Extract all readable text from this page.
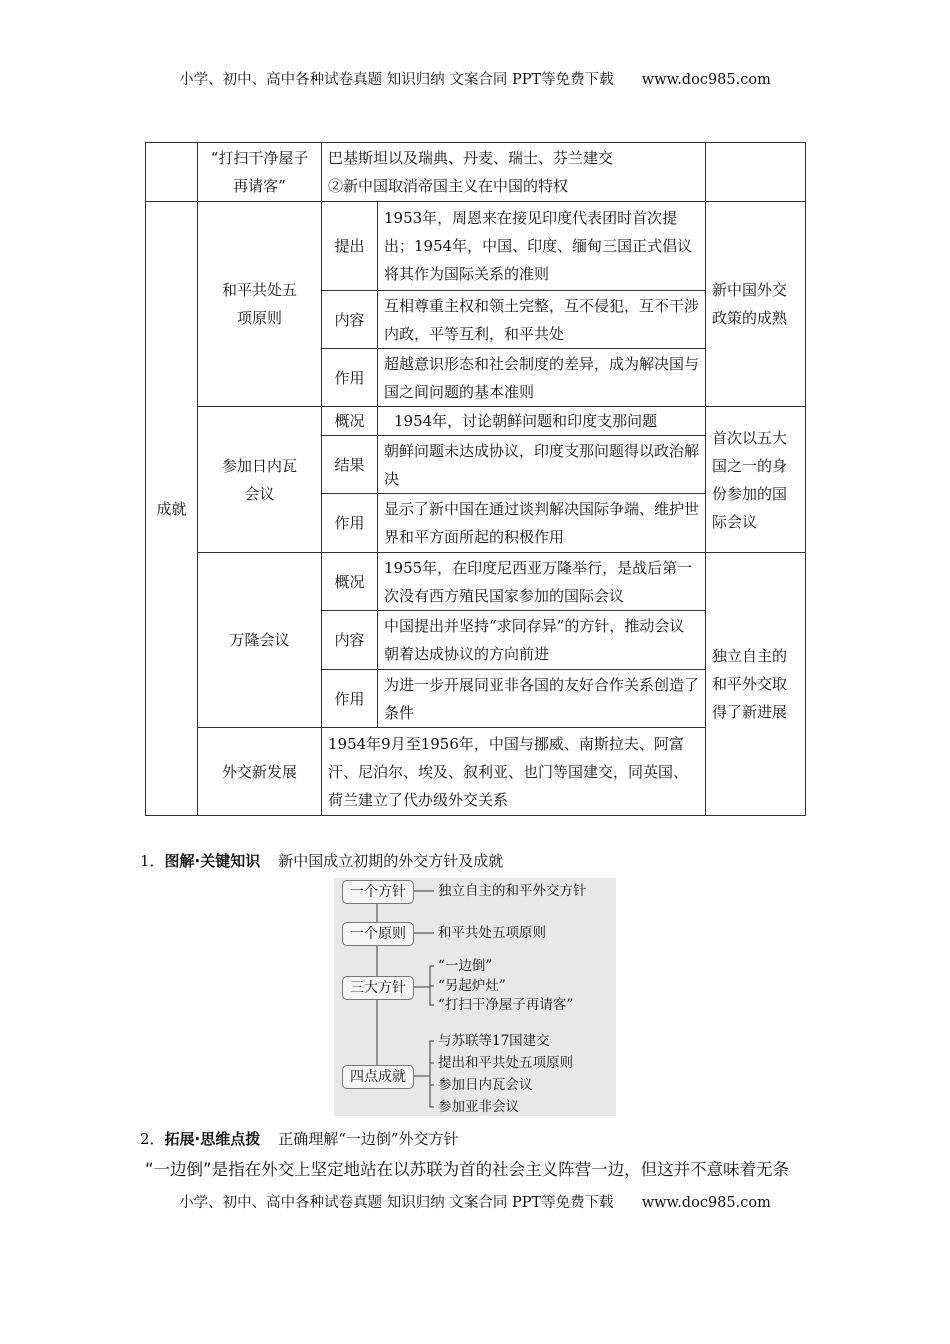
小学、初中、高中各种试卷真题 知识归纳 文案合同 PPT等免费下载 www.doc985.com
	“打扫干净屋子再请客”	巴基斯坦以及瑞典、丹麦、瑞士、芬兰建交
②新中国取消帝国主义在中国的特权		

成就	和平共处五项原则	提出	1953年，周恩来在接见印度代表团时首次提出；1954年，中国、印度、缅甸三国正式倡议将其作为国际关系的准则	新中国外交政策的成熟
		内容	互相尊重主权和领土完整，互不侵犯，互不干涉内政，平等互利，和平共处	
		作用	超越意识形态和社会制度的差异，成为解决国与国之间问题的基本准则	
	参加日内瓦会议	概况	1954年，讨论朝鲜问题和印度支那问题	首次以五大国之一的身份参加的国际会议
		结果	朝鲜问题未达成协议，印度支那问题得以政治解决	
		作用	显示了新中国在通过谈判解决国际争端、维护世界和平方面所起的积极作用	
	万隆会议	概况	1955年，在印度尼西亚万隆举行，是战后第一次没有西方殖民国家参加的国际会议	独立自主的和平外交取得了新进展
		内容	中国提出并坚持“求同存异”的方针，推动会议朝着达成协议的方向前进	
		作用	为进一步开展同亚非各国的友好合作关系创造了条件	
	外交新发展	1954年9月至1956年，中国与挪威、南斯拉夫、阿富汗、尼泊尔、埃及、叙利亚、也门等国建交，同英国、荷兰建立了代办级外交关系		
1．图解·关键知识 新中国成立初期的外交方针及成就
一个方针
一个原则
三大方针
四点成就
独立自主的和平外交方针
和平共处五项原则
“一边倒”
“另起炉灶”
“打扫干净屋子再请客”
与苏联等17国建交
提出和平共处五项原则
参加日内瓦会议
参加亚非会议
2．拓展·思维点拨 正确理解“一边倒”外交方针
“一边倒”是指在外交上坚定地站在以苏联为首的社会主义阵营一边，但这并不意味着无条
小学、初中、高中各种试卷真题 知识归纳 文案合同 PPT等免费下载 www.doc985.com
